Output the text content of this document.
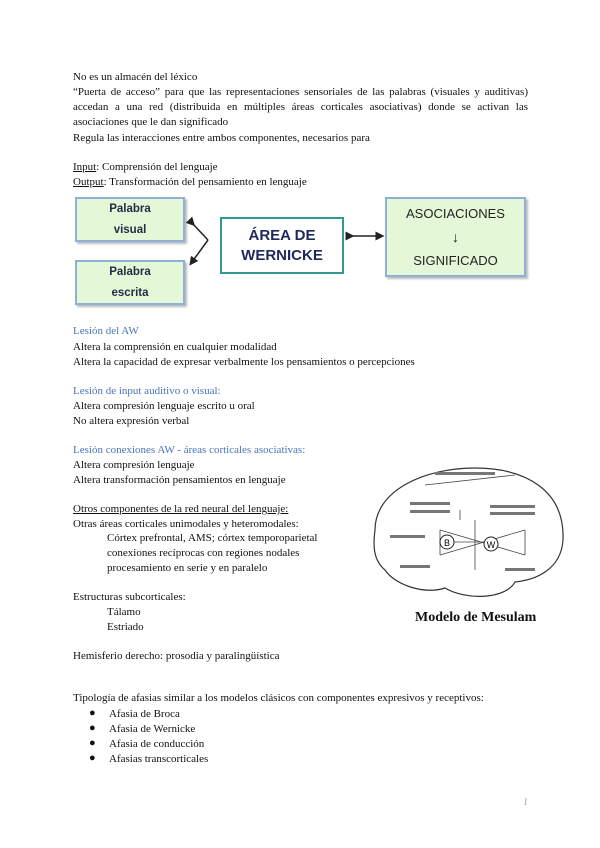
No es un almacén del léxico
“Puerta de acceso” para que las representaciones sensoriales de las palabras (visuales y auditivas) accedan a una red (distribuida en múltiples áreas corticales asociativas) donde se activan las asociaciones que le dan significado
Regula las interacciones entre ambos componentes, necesarios para
Input: Comprensión del lenguaje
Output: Transformación del pensamiento en lenguaje
Palabra
visual
Palabra
escrita
ÁREA DE
WERNICKE
ASOCIACIONES
↓
SIGNIFICADO
Lesión del AW
Altera la comprensión en cualquier modalidad
Altera la capacidad de expresar verbalmente los pensamientos o percepciones
Lesión de input auditivo o visual:
Altera compresión lenguaje escrito u oral
No altera expresión verbal
Lesión conexiones AW - áreas corticales asociativas:
Altera compresión lenguaje
Altera transformación pensamientos en lenguaje
Otros componentes de la red neural del lenguaje:
Otras áreas corticales unimodales y heteromodales:
Córtex prefrontal, AMS; córtex temporoparietal
conexiones recíprocas con regiones nodales
procesamiento en serie y en paralelo
Estructuras subcorticales:
Tálamo
Estriado
Hemisferio derecho: prosodia y paralingüística
Tipología de afasias similar a los modelos clásicos con componentes expresivos y receptivos:
● Afasia de Broca
● Afasia de Wernicke
● Afasia de conducción
● Afasias transcorticales
B	W
Modelo de Mesulam
1
